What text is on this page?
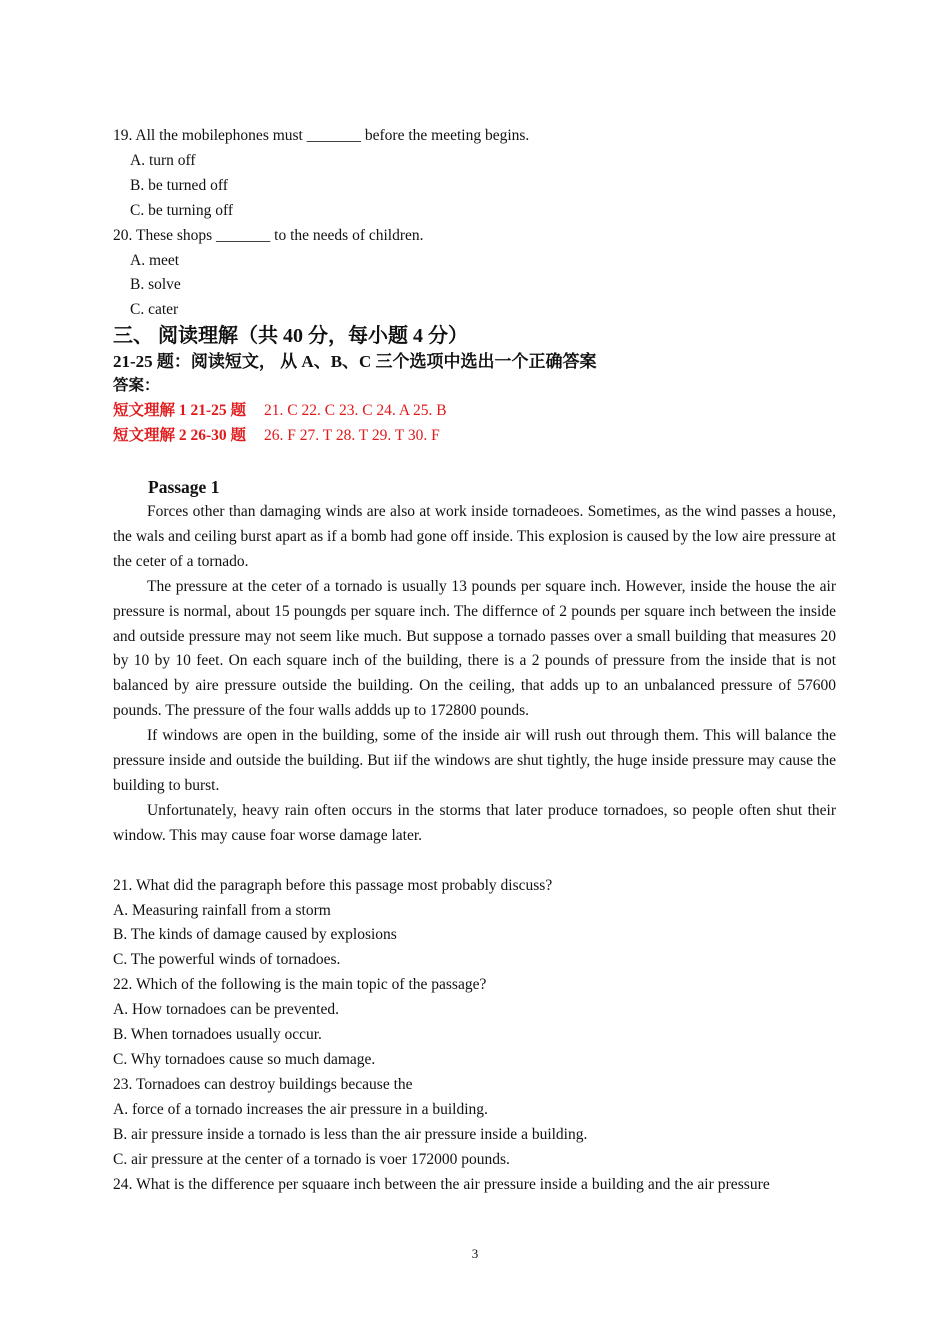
19. All the mobilephones must _______ before the meeting begins.

A. turn off

B. be turned off

C. be turning off

20. These shops _______ to the needs of children.

A. meet

B. solve

C. cater

三、 阅读理解（共 40 分，每小题 4 分）

21-25 题：阅读短文， 从 A、B、C 三个选项中选出一个正确答案

答案：

短文理解 1 21-25 题 21. C 22. C 23. C 24. A 25. B

短文理解 2 26-30 题 26. F 27. T 28. T 29. T 30. F

Passage 1

Forces other than damaging winds are also at work inside tornadeoes. Sometimes, as the wind passes a house, the wals and ceiling burst apart as if a bomb had gone off inside. This explosion is caused by the low aire pressure at the ceter of a tornado.

The pressure at the ceter of a tornado is usually 13 pounds per square inch. However, inside the house the air pressure is normal, about 15 poungds per square inch. The differnce of 2 pounds per square inch between the inside and outside pressure may not seem like much. But suppose a tornado passes over a small building that measures 20 by 10 by 10 feet. On each square inch of the building, there is a 2 pounds of pressure from the inside that is not balanced by aire pressure outside the building. On the ceiling, that adds up to an unbalanced pressure of 57600 pounds. The pressure of the four walls addds up to 172800 pounds.

If windows are open in the building, some of the inside air will rush out through them. This will balance the pressure inside and outside the building. But iif the windows are shut tightly, the huge inside pressure may cause the building to burst.

Unfortunately, heavy rain often occurs in the storms that later produce tornadoes, so people often shut their window. This may cause foar worse damage later.

21. What did the paragraph before this passage most probably discuss?

A. Measuring rainfall from a storm

B. The kinds of damage caused by explosions

C. The powerful winds of tornadoes.

22. Which of the following is the main topic of the passage?

A. How tornadoes can be prevented.

B. When tornadoes usually occur.

C. Why tornadoes cause so much damage.

23. Tornadoes can destroy buildings because the

A. force of a tornado increases the air pressure in a building.

B. air pressure inside a tornado is less than the air pressure inside a building.

C. air pressure at the center of a tornado is voer 172000 pounds.

24. What is the difference per squaare inch between the air pressure inside a building and the air pressure

3
